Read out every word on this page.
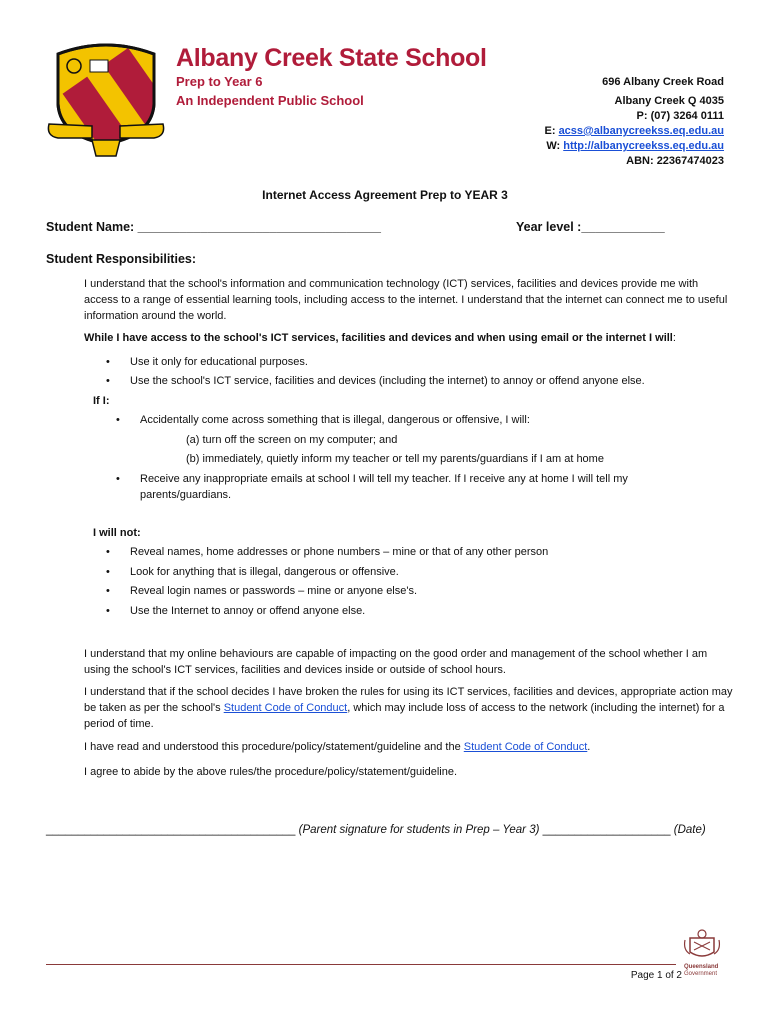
Albany Creek State School
Prep to Year 6
An Independent Public School
696 Albany Creek Road
Albany Creek Q 4035
P: (07) 3264 0111
E: acss@albanycreekss.eq.edu.au
W: http://albanycreekss.eq.edu.au
ABN: 22367474023
Internet Access Agreement Prep to YEAR 3
Student Name: ___________________________________	Year level :____________
Student Responsibilities:
I understand that the school's information and communication technology (ICT) services, facilities and devices provide me with access to a range of essential learning tools, including access to the internet. I understand that the internet can connect me to useful information around the world.
While I have access to the school's ICT services, facilities and devices and when using email or the internet I will:
• Use it only for educational purposes.
• Use the school's ICT service, facilities and devices (including the internet) to annoy or offend anyone else.
If I:
• Accidentally come across something that is illegal, dangerous or offensive, I will:
(a) turn off the screen on my computer; and
(b) immediately, quietly inform my teacher or tell my parents/guardians if I am at home
• Receive any inappropriate emails at school I will tell my teacher. If I receive any at home I will tell my parents/guardians.
I will not:
• Reveal names, home addresses or phone numbers – mine or that of any other person
• Look for anything that is illegal, dangerous or offensive.
• Reveal login names or passwords – mine or anyone else's.
• Use the Internet to annoy or offend anyone else.
I understand that my online behaviours are capable of impacting on the good order and management of the school whether I am using the school's ICT services, facilities and devices inside or outside of school hours.
I understand that if the school decides I have broken the rules for using its ICT services, facilities and devices, appropriate action may be taken as per the school's Student Code of Conduct, which may include loss of access to the network (including the internet) for a period of time.
I have read and understood this procedure/policy/statement/guideline and the Student Code of Conduct.
I agree to abide by the above rules/the procedure/policy/statement/guideline.
_______________________________________ (Parent signature for students in Prep – Year 3) ____________________ (Date)
Page 1 of 2
Queensland
Government
